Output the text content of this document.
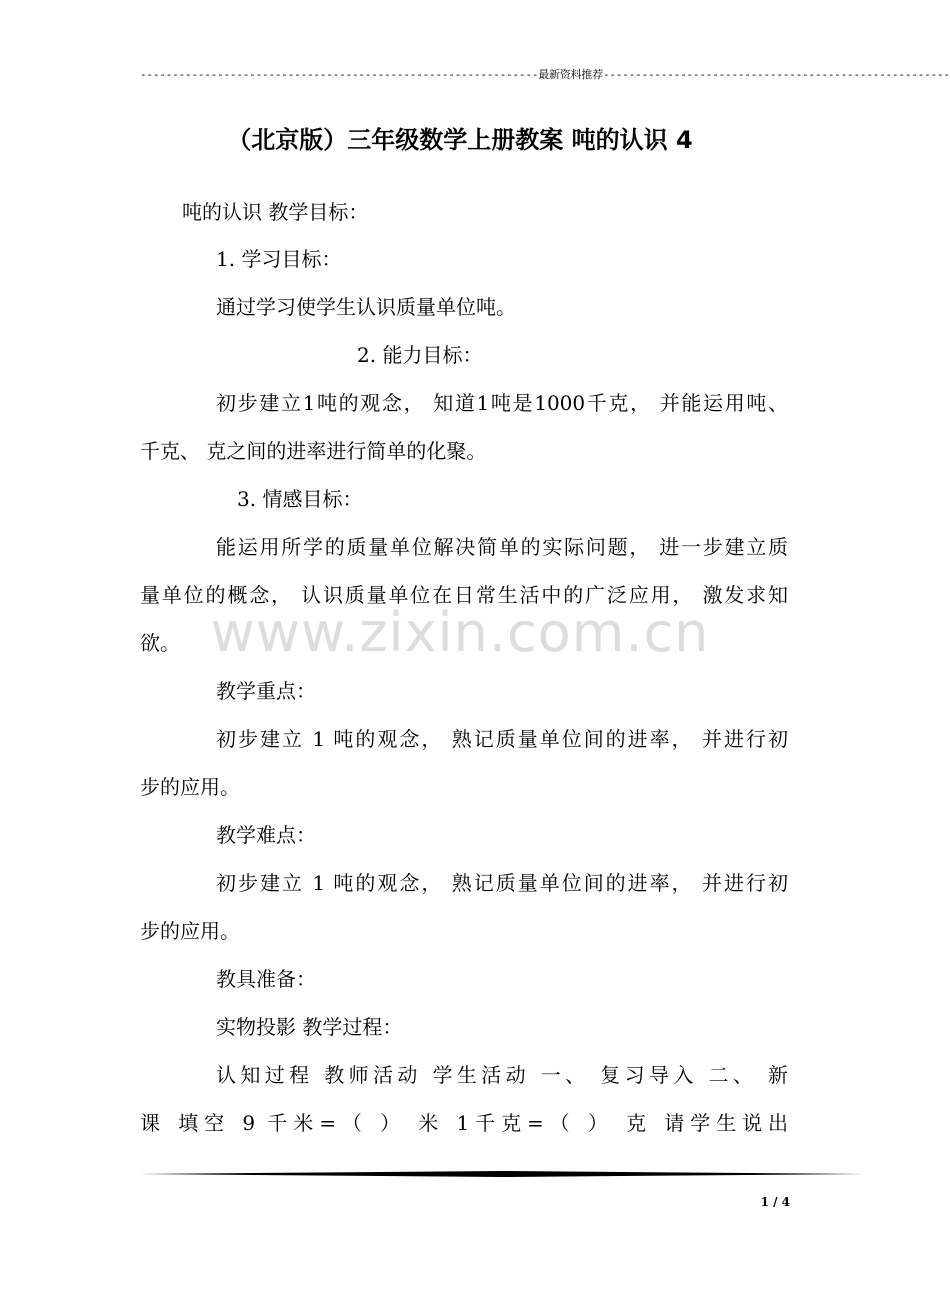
--------------------------------------------------------------最新资料推荐------------------------------------------------------
（北京版）三年级数学上册教案 吨的认识 4
www.zixin.com.cn
吨的认识 教学目标：
1. 学习目标：
通过学习使学生认识质量单位吨。
2. 能力目标：
初步建立1吨的观念， 知道1吨是1000千克， 并能运用吨、
千克、 克之间的进率进行简单的化聚。
3. 情感目标：
能运用所学的质量单位解决简单的实际问题， 进一步建立质
量单位的概念， 认识质量单位在日常生活中的广泛应用， 激发求知
欲。
教学重点：
初步建立 1 吨的观念， 熟记质量单位间的进率， 并进行初
步的应用。
教学难点：
初步建立 1 吨的观念， 熟记质量单位间的进率， 并进行初
步的应用。
教具准备：
实物投影 教学过程：
认知过程 教师活动 学生活动 一、 复习导入 二、 新
课 填空 9 千米=（ ） 米 1千克=（ ） 克 请学生说出
1 / 4
